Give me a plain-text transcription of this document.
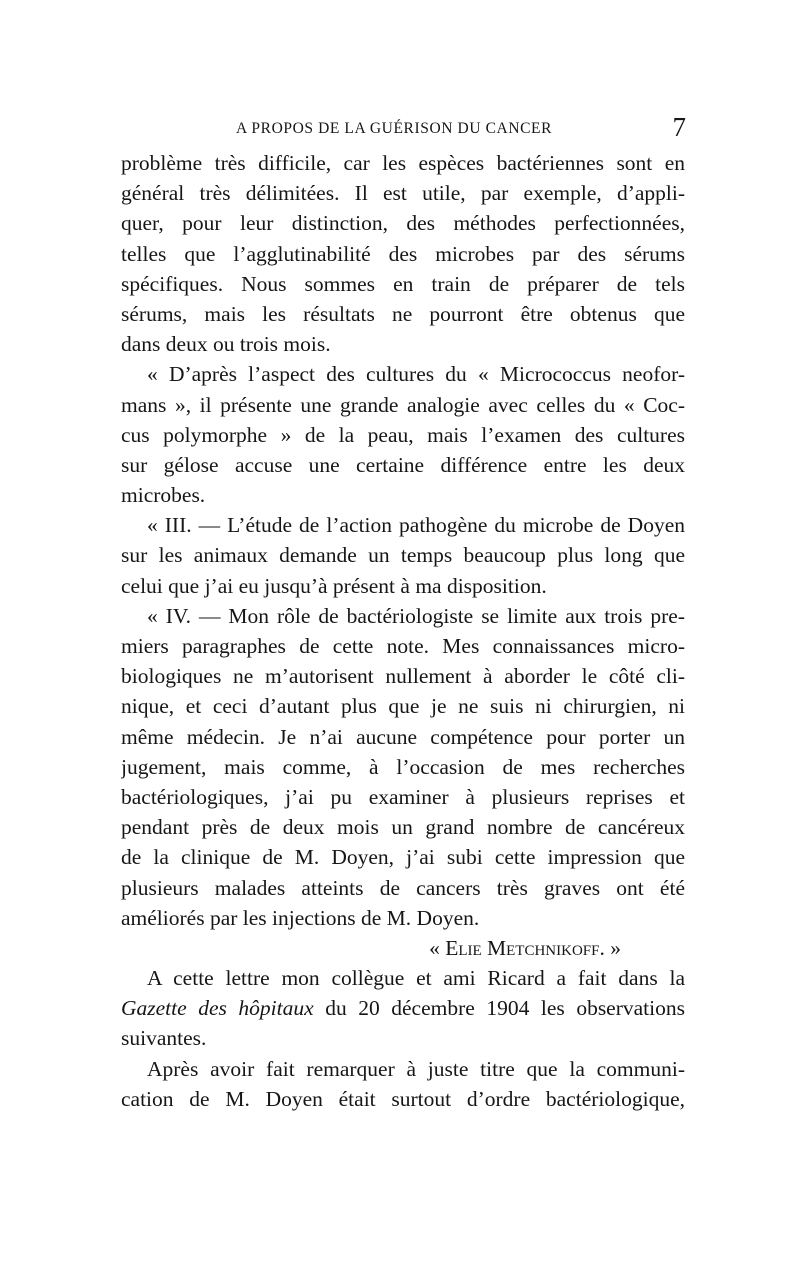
A PROPOS DE LA GUÉRISON DU CANCER	7
problème très difficile, car les espèces bactériennes sont en
général très délimitées. Il est utile, par exemple, d’appli-
quer, pour leur distinction, des méthodes perfectionnées,
telles que l’agglutinabilité des microbes par des sérums
spécifiques. Nous sommes en train de préparer de tels
sérums, mais les résultats ne pourront être obtenus que
dans deux ou trois mois.
« D’après l’aspect des cultures du « Micrococcus neofor-
mans », il présente une grande analogie avec celles du « Coc-
cus polymorphe » de la peau, mais l’examen des cultures
sur gélose accuse une certaine différence entre les deux
microbes.
« III. — L’étude de l’action pathogène du microbe de Doyen
sur les animaux demande un temps beaucoup plus long que
celui que j’ai eu jusqu’à présent à ma disposition.
« IV. — Mon rôle de bactériologiste se limite aux trois pre-
miers paragraphes de cette note. Mes connaissances micro-
biologiques ne m’autorisent nullement à aborder le côté cli-
nique, et ceci d’autant plus que je ne suis ni chirurgien, ni
même médecin. Je n’ai aucune compétence pour porter un
jugement, mais comme, à l’occasion de mes recherches
bactériologiques, j’ai pu examiner à plusieurs reprises et
pendant près de deux mois un grand nombre de cancéreux
de la clinique de M. Doyen, j’ai subi cette impression que
plusieurs malades atteints de cancers très graves ont été
améliorés par les injections de M. Doyen.
« Elie Metchnikoff. »
A cette lettre mon collègue et ami Ricard a fait dans la
Gazette des hôpitaux du 20 décembre 1904 les observations
suivantes.
Après avoir fait remarquer à juste titre que la communi-
cation de M. Doyen était surtout d’ordre bactériologique,
